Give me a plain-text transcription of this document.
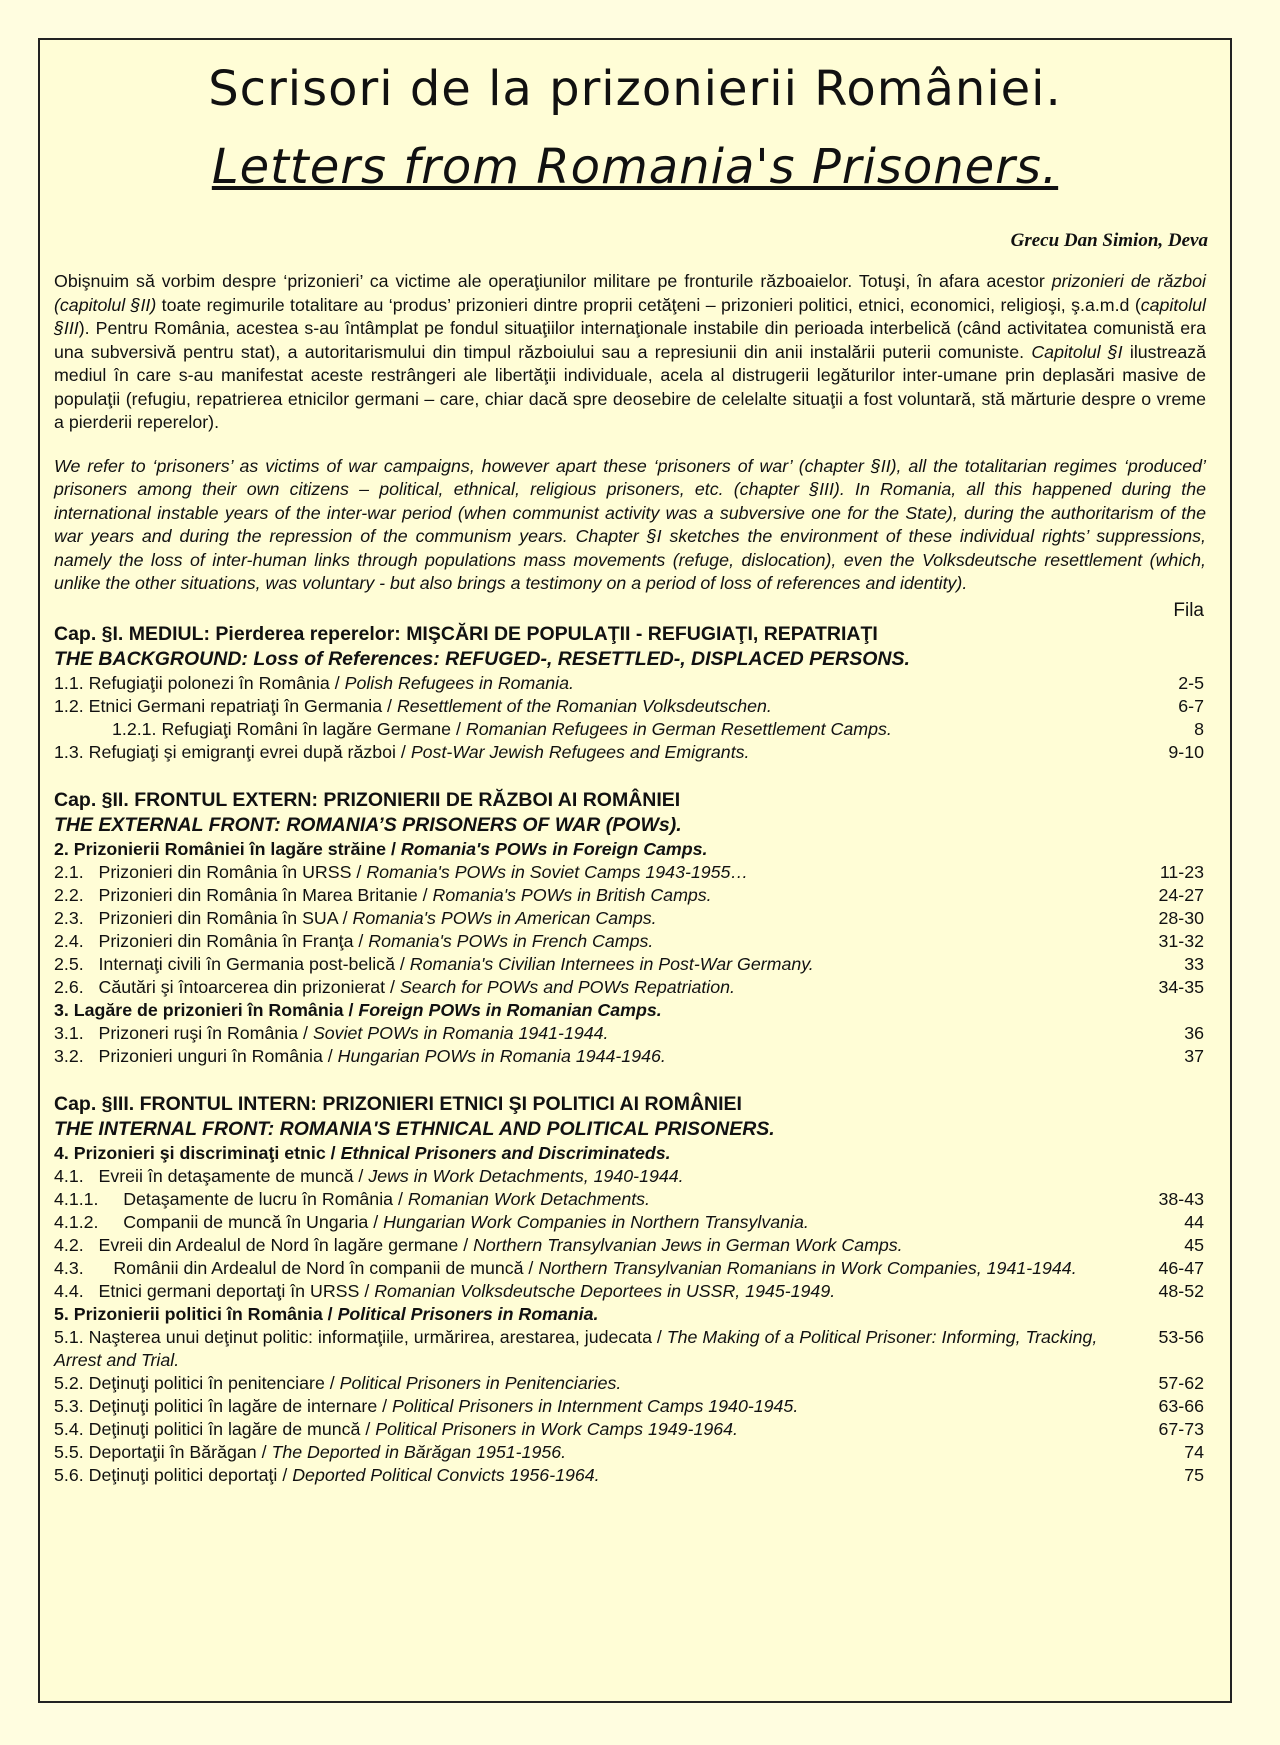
Scrisori de la prizonierii României.
Letters from Romania's Prisoners.
Grecu Dan Simion, Deva
Obişnuim să vorbim despre ‘prizonieri’ ca victime ale operaţiunilor militare pe fronturile războaielor. Totuşi, în afara acestor prizonieri de război (capitolul §II) toate regimurile totalitare au ‘produs’ prizonieri dintre proprii cetăţeni – prizonieri politici, etnici, economici, religioşi, ş.a.m.d (capitolul §III). Pentru România, acestea s-au întâmplat pe fondul situaţiilor internaţionale instabile din perioada interbelică (când activitatea comunistă era una subversivă pentru stat), a autoritarismului din timpul războiului sau a represiunii din anii instalării puterii comuniste. Capitolul §I ilustrează mediul în care s-au manifestat aceste restrângeri ale libertăţii individuale, acela al distrugerii legăturilor inter-umane prin deplasări masive de populaţii (refugiu, repatrierea etnicilor germani – care, chiar dacă spre deosebire de celelalte situaţii a fost voluntară, stă mărturie despre o vreme a pierderii reperelor).
We refer to ‘prisoners’ as victims of war campaigns, however apart these ‘prisoners of war’ (chapter §II), all the totalitarian regimes ‘produced’ prisoners among their own citizens – political, ethnical, religious prisoners, etc. (chapter §III). In Romania, all this happened during the international instable years of the inter-war period (when communist activity was a subversive one for the State), during the authoritarism of the war years and during the repression of the communism years. Chapter §I sketches the environment of these individual rights’ suppressions, namely the loss of inter-human links through populations mass movements (refuge, dislocation), even the Volksdeutsche resettlement (which, unlike the other situations, was voluntary - but also brings a testimony on a period of loss of references and identity).
Fila
Cap. §I. MEDIUL: Pierderea reperelor: MIŞCĂRI DE POPULAŢII - REFUGIAŢI, REPATRIAŢI
THE BACKGROUND: Loss of References: REFUGED-, RESETTLED-, DISPLACED PERSONS.
1.1. Refugiaţii polonezi în România / Polish Refugees in Romania.	2-5
1.2. Etnici Germani repatriaţi în Germania / Resettlement of the Romanian Volksdeutschen.	6-7
1.2.1. Refugiaţi Români în lagăre Germane / Romanian Refugees in German Resettlement Camps.	8
1.3. Refugiaţi şi emigranţi evrei după război / Post-War Jewish Refugees and Emigrants.	9-10
Cap. §II. FRONTUL EXTERN: PRIZONIERII DE RĂZBOI AI ROMÂNIEI
THE EXTERNAL FRONT: ROMANIA’S PRISONERS OF WAR (POWs).
2. Prizonierii României în lagăre străine / Romania's POWs in Foreign Camps.
2.1.   Prizonieri din România în URSS / Romania's POWs in Soviet Camps 1943-1955…	11-23
2.2.   Prizonieri din România în Marea Britanie / Romania's POWs in British Camps.	24-27
2.3.   Prizonieri din România în SUA / Romania's POWs in American Camps.	28-30
2.4.   Prizonieri din România în Franţa / Romania's POWs in French Camps.	31-32
2.5.   Internaţi civili în Germania post-belică / Romania's Civilian Internees in Post-War Germany.	33
2.6.   Căutări şi întoarcerea din prizonierat / Search for POWs and POWs Repatriation.	34-35
3. Lagăre de prizonieri în România / Foreign POWs in Romanian Camps.
3.1.   Prizoneri ruşi în România / Soviet POWs in Romania 1941-1944.	36
3.2.   Prizonieri unguri în România / Hungarian POWs in Romania 1944-1946.	37
Cap. §III. FRONTUL INTERN: PRIZONIERI ETNICI ŞI POLITICI AI ROMÂNIEI
THE INTERNAL FRONT: ROMANIA'S ETHNICAL AND POLITICAL PRISONERS.
4. Prizonieri şi discriminaţi etnic / Ethnical Prisoners and Discriminateds.
4.1.   Evreii în detaşamente de muncă / Jews in Work Detachments, 1940-1944.
4.1.1.     Detaşamente de lucru în România / Romanian Work Detachments.	38-43
4.1.2.     Companii de muncă în Ungaria / Hungarian Work Companies in Northern Transylvania.	44
4.2.   Evreii din Ardealul de Nord în lagăre germane / Northern Transylvanian Jews in German Work Camps.	45
4.3.      Românii din Ardealul de Nord în companii de muncă / Northern Transylvanian Romanians in Work Companies, 1941-1944.	46-47
4.4.   Etnici germani deportaţi în URSS / Romanian Volksdeutsche Deportees in USSR, 1945-1949.	48-52
5. Prizonierii politici în România / Political Prisoners in Romania.
5.1. Naşterea unui deţinut politic: informaţiile, urmărirea, arestarea, judecata / The Making of a Political Prisoner: Informing, Tracking, Arrest and Trial.
53-56
5.2. Deţinuţi politici în penitenciare / Political Prisoners in Penitenciaries.	57-62
5.3. Deţinuţi politici în lagăre de internare / Political Prisoners in Internment Camps 1940-1945.	63-66
5.4. Deţinuţi politici în lagăre de muncă / Political Prisoners in Work Camps 1949-1964.	67-73
5.5. Deportaţii în Bărăgan / The Deported in Bărăgan 1951-1956.	74
5.6. Deţinuţi politici deportaţi / Deported Political Convicts 1956-1964.	75
